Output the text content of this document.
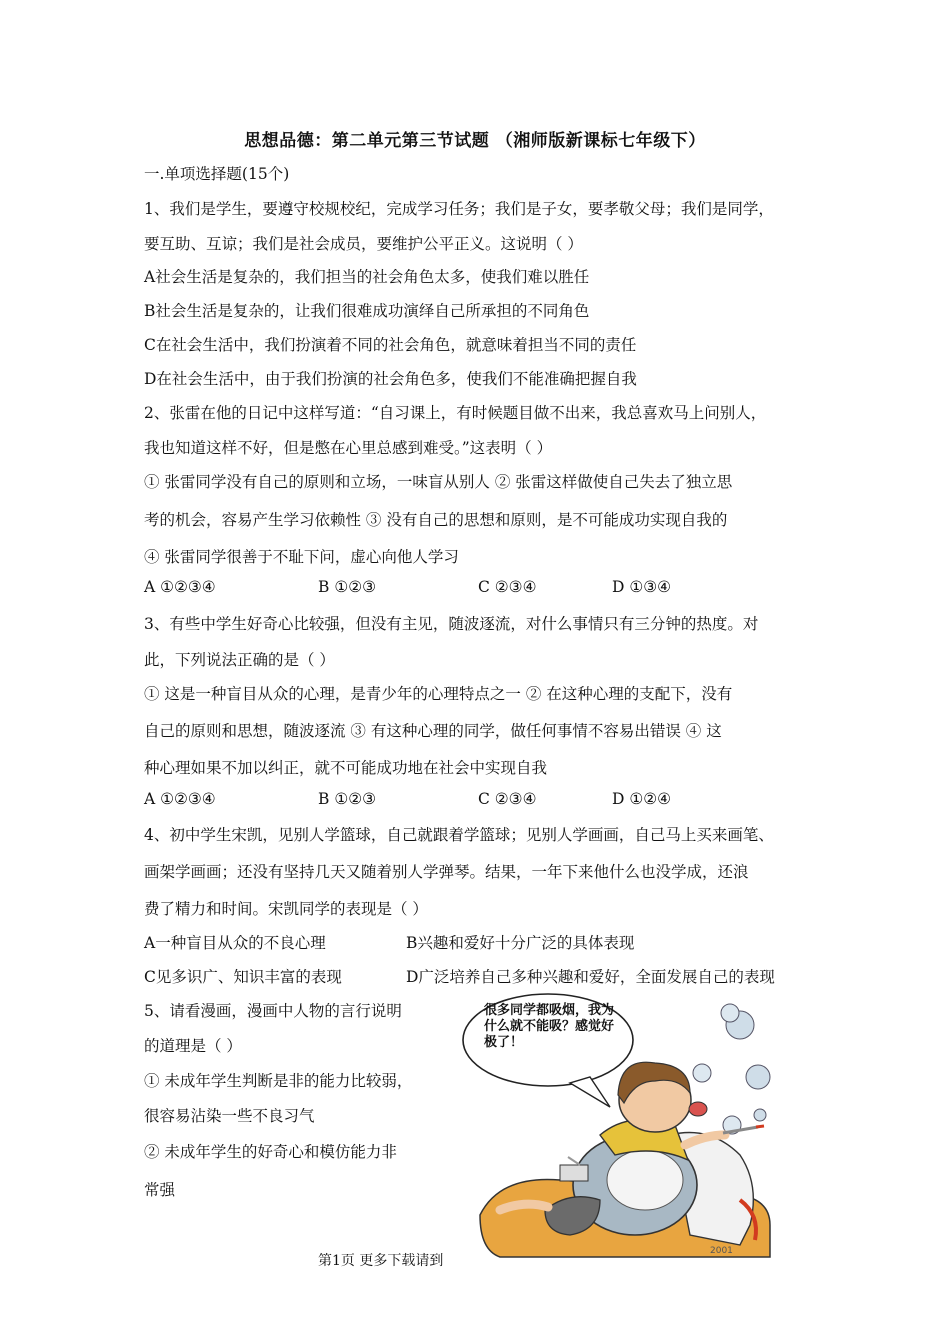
思想品德：第二单元第三节试题 （湘师版新课标七年级下）
一.单项选择题(15个)
1、我们是学生，要遵守校规校纪，完成学习任务；我们是子女，要孝敬父母；我们是同学，
要互助、互谅；我们是社会成员，要维护公平正义。这说明（ ）
A社会生活是复杂的，我们担当的社会角色太多，使我们难以胜任
B社会生活是复杂的，让我们很难成功演绎自己所承担的不同角色
C在社会生活中，我们扮演着不同的社会角色，就意味着担当不同的责任
D在社会生活中，由于我们扮演的社会角色多，使我们不能准确把握自我
2、张雷在他的日记中这样写道：“自习课上，有时候题目做不出来，我总喜欢马上问别人，
我也知道这样不好，但是憋在心里总感到难受。”这表明（ ）
① 张雷同学没有自己的原则和立场，一味盲从别人 ② 张雷这样做使自己失去了独立思
考的机会，容易产生学习依赖性 ③ 没有自己的思想和原则，是不可能成功实现自我的
④ 张雷同学很善于不耻下问，虚心向他人学习
A ①②③④	B ①②③	C ②③④	D ①③④
3、有些中学生好奇心比较强，但没有主见，随波逐流，对什么事情只有三分钟的热度。对
此，下列说法正确的是（ ）
① 这是一种盲目从众的心理，是青少年的心理特点之一 ② 在这种心理的支配下，没有
自己的原则和思想，随波逐流 ③ 有这种心理的同学，做任何事情不容易出错误 ④ 这
种心理如果不加以纠正，就不可能成功地在社会中实现自我
A ①②③④	B ①②③	C ②③④	D ①②④
4、初中学生宋凯，见别人学篮球，自己就跟着学篮球；见别人学画画，自己马上买来画笔、
画架学画画；还没有坚持几天又随着别人学弹琴。结果，一年下来他什么也没学成，还浪
费了精力和时间。宋凯同学的表现是（ ）
A一种盲目从众的不良心理	B兴趣和爱好十分广泛的具体表现
C见多识广、知识丰富的表现	D广泛培养自己多种兴趣和爱好，全面发展自己的表现
5、请看漫画，漫画中人物的言行说明
的道理是（ ）
① 未成年学生判断是非的能力比较弱，
很容易沾染一些不良习气
② 未成年学生的好奇心和模仿能力非
常强
2001
很多同学都吸烟，我为什么就不能吸？感觉好极了！
第1页 更多下载请到
